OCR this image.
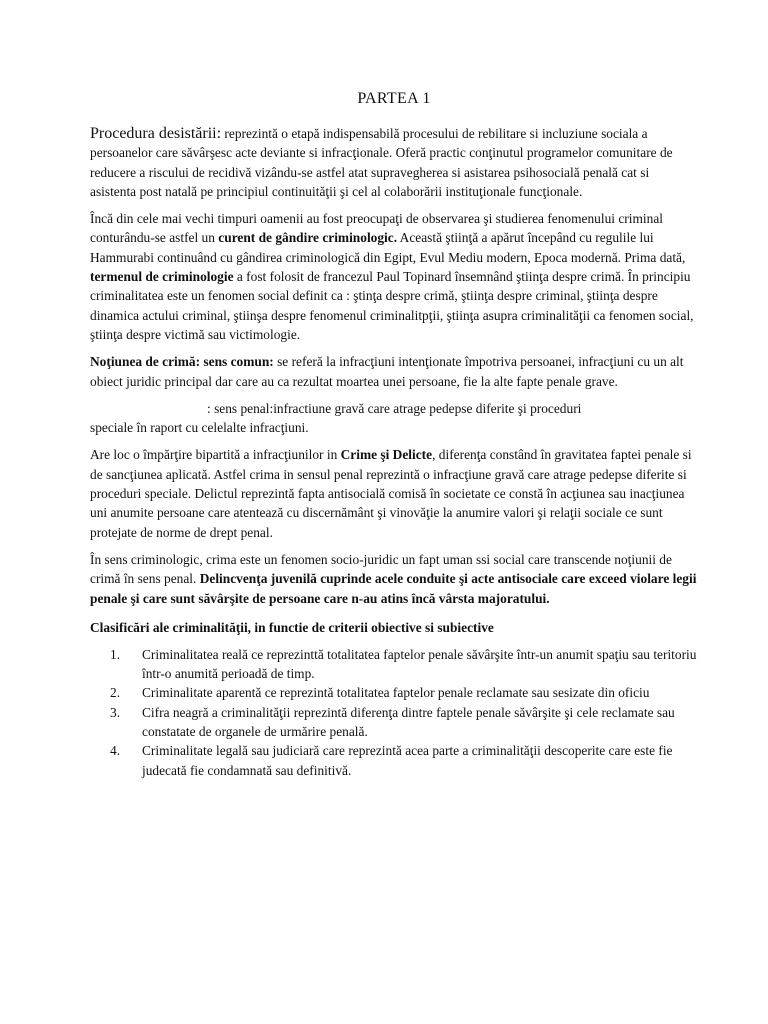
PARTEA 1

Procedura desistării: reprezintă o etapă indispensabilă procesului de rebilitare si incluziune sociala a persoanelor care săvârşesc acte deviante si infracţionale. Oferă practic conţinutul programelor comunitare de reducere a riscului de recidivă vizându-se astfel atat supravegherea si asistarea psihosocială penală cat si asistenta post natală pe principiul continuităţii şi cel al colaborării instituţionale funcţionale.

Încă din cele mai vechi timpuri oamenii au fost preocupaţi de observarea şi studierea fenomenului criminal conturându-se astfel un curent de gândire criminologic. Această ştiinţă a apărut începând cu regulile lui Hammurabi continuând cu gândirea criminologică din Egipt, Evul Mediu modern, Epoca modernă. Prima dată, termenul de criminologie a fost folosit de francezul Paul Topinard însemnând ştiinţa despre crimă. În principiu criminalitatea este un fenomen social definit ca : ştinţa despre crimă, ştiinţa despre criminal, ştiinţa despre dinamica actului criminal, ştiinşa despre fenomenul criminalitpţii, ştiinţa asupra criminalităţii ca fenomen social, ştiinţa despre victimă sau victimologie.

Noţiunea de crimă: sens comun: se referă la infracţiuni intenţionate împotriva persoanei, infracţiuni cu un alt obiect juridic principal dar care au ca rezultat moartea unei persoane, fie la alte fapte penale grave.

: sens penal:infractiune gravă care atrage pedepse diferite şi proceduri
speciale în raport cu celelalte infracţiuni.

Are loc o împărţire bipartită a infracţiunilor in Crime şi Delicte, diferenţa constând în gravitatea faptei penale si de sancţiunea aplicată. Astfel crima in sensul penal reprezintă o infracţiune gravă care atrage pedepse diferite si proceduri speciale. Delictul reprezintă fapta antisocială comisă în societate ce constă în acţiunea sau inacţiunea uni anumite persoane care atentează cu discernământ şi vinovăţie la anumire valori şi relaţii sociale ce sunt protejate de norme de drept penal.

În sens criminologic, crima este un fenomen socio-juridic un fapt uman ssi social care transcende noţiunii de crimă în sens penal. Delincvenţa juvenilă cuprinde acele conduite şi acte antisociale care exceed violare legii penale şi care sunt săvârşite de persoane care n-au atins încă vârsta majoratului.

Clasificări ale criminalităţii, in functie de criterii obiective si subiective
1. Criminalitatea reală ce reprezinttă totalitatea faptelor penale săvârşite într-un anumit spaţiu sau teritoriu într-o anumită perioadă de timp.
2. Criminalitate aparentă ce reprezintă totalitatea faptelor penale reclamate sau sesizate din oficiu
3. Cifra neagră a criminalităţii reprezintă diferenţa dintre faptele penale săvârşite şi cele reclamate sau constatate de organele de urmărire penală.
4. Criminalitate legală sau judiciară care reprezintă acea parte a criminalităţii descoperite care este fie judecată fie condamnată sau definitivă.
